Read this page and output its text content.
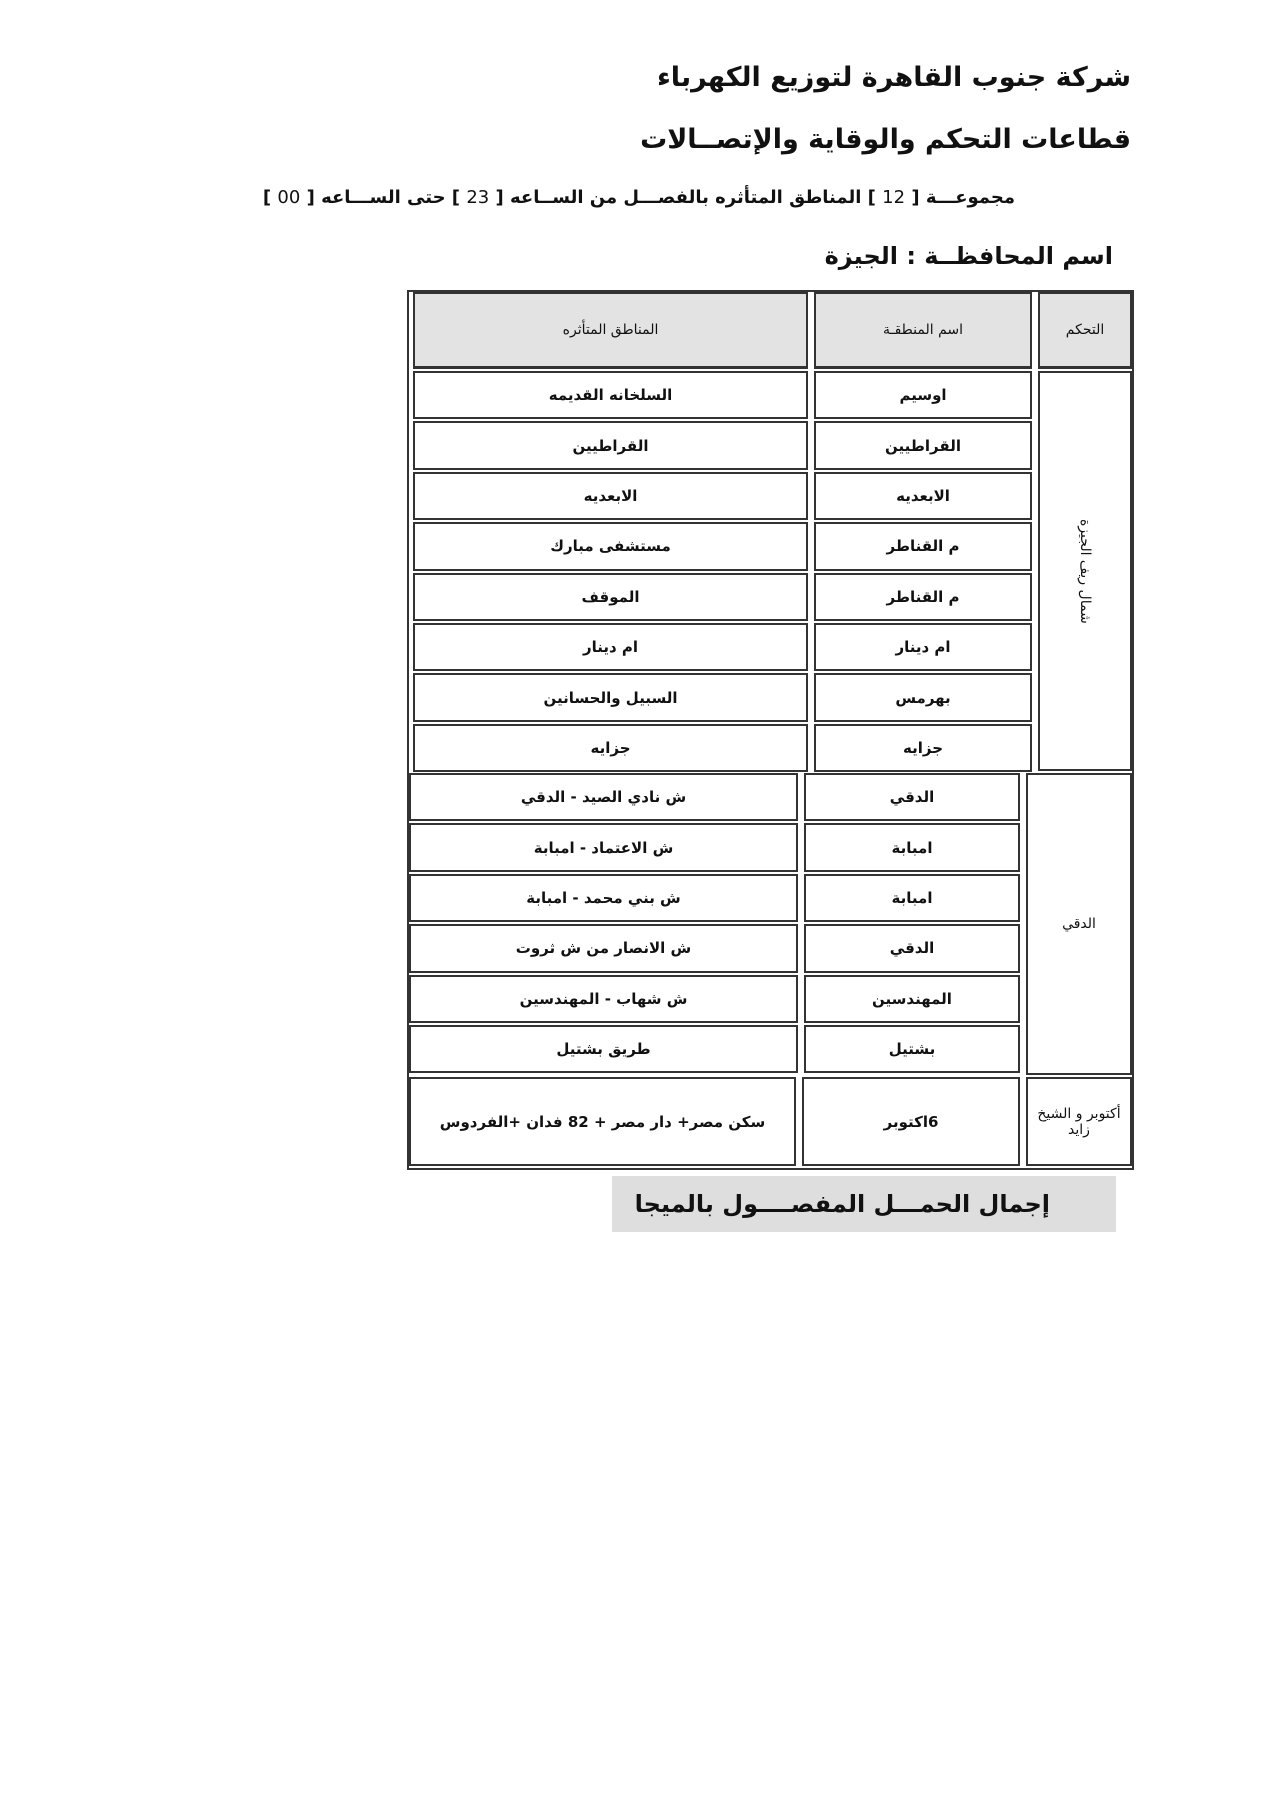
شركة جنوب القاهرة لتوزيع الكهرباء
قطاعات التحكم والوقاية والإتصــالات
مجموعـــة [ 12 ] المناطق المتأثره بالفصـــل من الســاعه [ 23 ] حتى الســـاعه [ 00 ]
اسم المحافظــة : الجيزة
التحكم
اسم المنطقـة
المناطق المتأثره
شمال ريف الجيزة
الدقي
أكتوبر و الشيخ زايد
اوسيم
السلخانه القديمه
القراطيين
القراطيين
الابعديه
الابعديه
م القناطر
مستشفى مبارك
م القناطر
الموقف
ام دينار
ام دينار
بهرمس
السبيل والحسانين
جزايه
جزايه
الدقي
ش نادي الصيد - الدقي
امبابة
ش الاعتماد - امبابة
امبابة
ش بني محمد - امبابة
الدقي
ش الانصار من ش ثروت
المهندسين
ش شهاب - المهندسين
بشتيل
طريق بشتيل
6اكتوبر
سكن مصر+ دار مصر + 82 فدان +الفردوس
إجمال الحمـــل المفصــــول بالميجا
